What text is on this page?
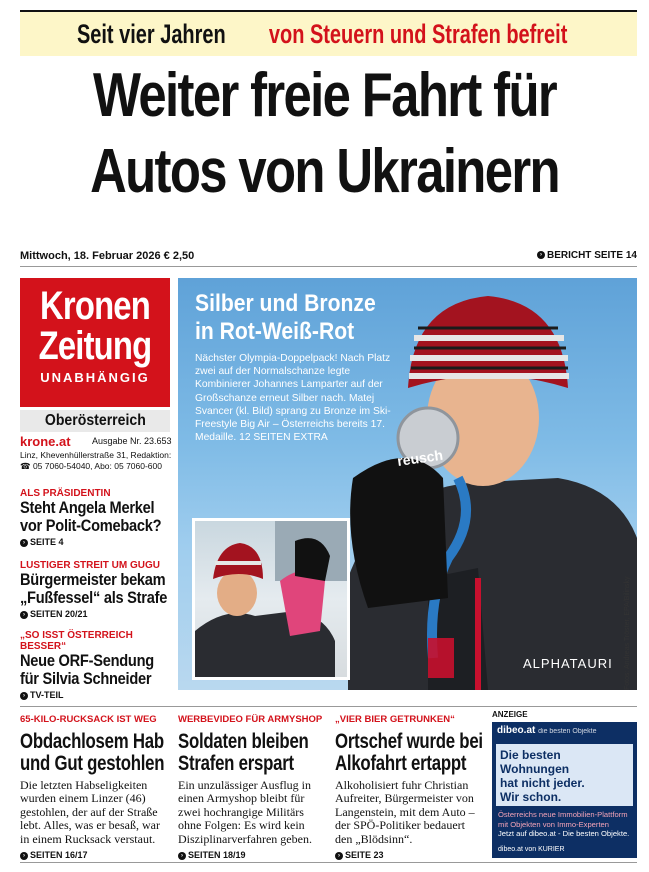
Seit vier Jahren von Steuern und Strafen befreit
Weiter freie Fahrt für
Autos von Ukrainern
Mittwoch, 18. Februar 2026 € 2,50	› BERICHT SEITE 14
Kronen
Zeitung
UNABHÄNGIG
Oberösterreich
krone.at Ausgabe Nr. 23.653
Linz, Khevenhüllerstraße 31, Redaktion:
☎ 05 7060-54040, Abo: 05 7060-600
ALS PRÄSIDENTIN
Steht Angela Merkel
vor Polit-Comeback?
› SEITE 4
LUSTIGER STREIT UM GUGU
Bürgermeister bekam
„Fußfessel“ als Strafe
› SEITEN 20/21
„SO ISST ÖSTERREICH BESSER“
Neue ORF-Sendung
für Silvia Schneider
› TV-TEIL
reusch
ALPHATAURI
Silber und Bronze
in Rot-Weiß-Rot
Nächster Olympia-Doppelpack! Nach Platz zwei auf der Normalschanze legte Kombinierer Johannes Lamparter auf der Großschanze erneut Silber nach. Matej Svancer (kl. Bild) sprang zu Bronze im Ski-Freestyle Big Air – Österreichs bereits 17. Medaille. 12 SEITEN EXTRA
Fotos: Andreas Tröster, EPA/Bilinsky
65-KILO-RUCKSACK IST WEG
Obdachlosem Hab
und Gut gestohlen
Die letzten Habseligkeiten wurden einem Linzer (46) gestohlen, der auf der Straße lebt. Alles, was er besaß, war in einem Rucksack verstaut.
› SEITEN 16/17
WERBEVIDEO FÜR ARMYSHOP
Soldaten bleiben
Strafen erspart
Ein unzulässiger Ausflug in einen Armyshop bleibt für zwei hochrangige Militärs ohne Folgen: Es wird kein Disziplinarverfahren geben.
› SEITEN 18/19
„VIER BIER GETRUNKEN“
Ortschef wurde bei
Alkofahrt ertappt
Alkoholisiert fuhr Christian Aufreiter, Bürgermeister von Langenstein, mit dem Auto – der SPÖ-Politiker bedauert den „Blödsinn“.
› SEITE 23
ANZEIGE
dibeo.at die besten Objekte
Die besten Wohnungen
hat nicht jeder.
Wir schon.
Österreichs neue Immobilien-Plattform mit Objekten von Immo-Experten
Jetzt auf dibeo.at - Die besten Objekte.
dibeo.at von KURIER
